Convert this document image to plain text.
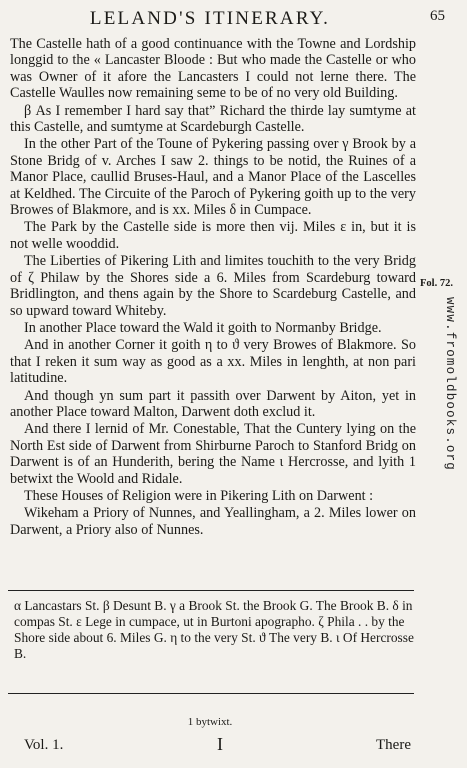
LELAND'S ITINERARY.	65

The Castelle hath of a good continuance with the Towne and Lordship longgid to the « Lancaster Bloode : But who made the Castelle or who was Owner of it afore the Lancasters I could not lerne there. The Castelle Waulles now remaining seme to be of no very old Building.

β As I remember I hard say that” Richard the thirde lay sumtyme at this Castelle, and sumtyme at Scardeburgh Castelle.

In the other Part of the Toune of Pykering passing over γ Brook by a Stone Bridg of v. Arches I saw 2. things to be notid, the Ruines of a Manor Place, caullid Bruses-Haul, and a Manor Place of the Lascelles at Keldhed. The Circuite of the Paroch of Pykering goith up to the very Browes of Blakmore, and is xx. Miles δ in Cumpace.

The Park by the Castelle side is more then vij. Miles ε in, but it is not welle wooddid.

The Liberties of Pikering Lith and limites touchith to the very Bridg of ζ Philaw by the Shores side a 6. Miles from Scardeburg toward Bridlington, and thens again by the Shore to Scardeburg Castelle, and so upward toward Whiteby.

In another Place toward the Wald it goith to Normanby Bridge.

And in another Corner it goith η to ϑ very Browes of Blakmore. So that I reken it sum way as good as a xx. Miles in lenghth, at non pari latitudine.

And though yn sum part it passith over Darwent by Aiton, yet in another Place toward Malton, Darwent doth exclud it.

And there I lernid of Mr. Conestable, That the Cuntery lying on the North Est side of Darwent from Shirburne Paroch to Stanford Bridg on Darwent is of an Hunderith, bering the Name ι Hercrosse, and lyith 1 betwixt the Woold and Ridale.

These Houses of Religion were in Pikering Lith on Darwent :

Wikeham a Priory of Nunnes, and Yeallingham, a 2. Miles lower on Darwent, a Priory also of Nunnes.

Fol. 72.
α Lancastars St. β Desunt B. γ a Brook St. the Brook G. The Brook B. δ in compas St. ε Lege in cumpace, ut in Burtoni apographo. ζ Phila . . by the Shore side about 6. Miles G. η to the very St. ϑ The very B. ι Of Hercrosse B.
1 bytwixt.
Vol. 1.	I	There
www.fromoldbooks.org
